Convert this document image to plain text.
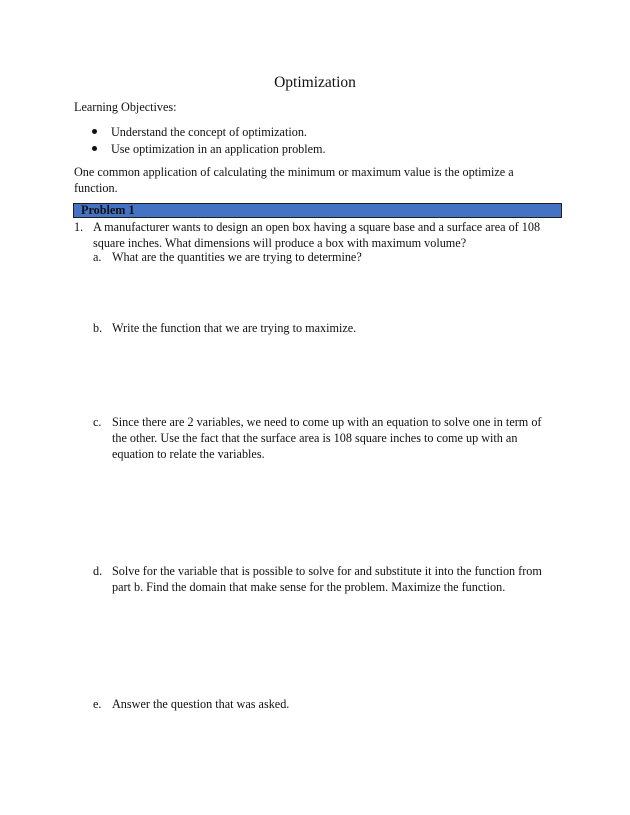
Optimization
Learning Objectives:
Understand the concept of optimization.
Use optimization in an application problem.
One common application of calculating the minimum or maximum value is the optimize a function.
Problem 1
1. A manufacturer wants to design an open box having a square base and a surface area of 108 square inches. What dimensions will produce a box with maximum volume?
a. What are the quantities we are trying to determine?
b. Write the function that we are trying to maximize.
c. Since there are 2 variables, we need to come up with an equation to solve one in term of the other. Use the fact that the surface area is 108 square inches to come up with an equation to relate the variables.
d. Solve for the variable that is possible to solve for and substitute it into the function from part b. Find the domain that make sense for the problem. Maximize the function.
e. Answer the question that was asked.
